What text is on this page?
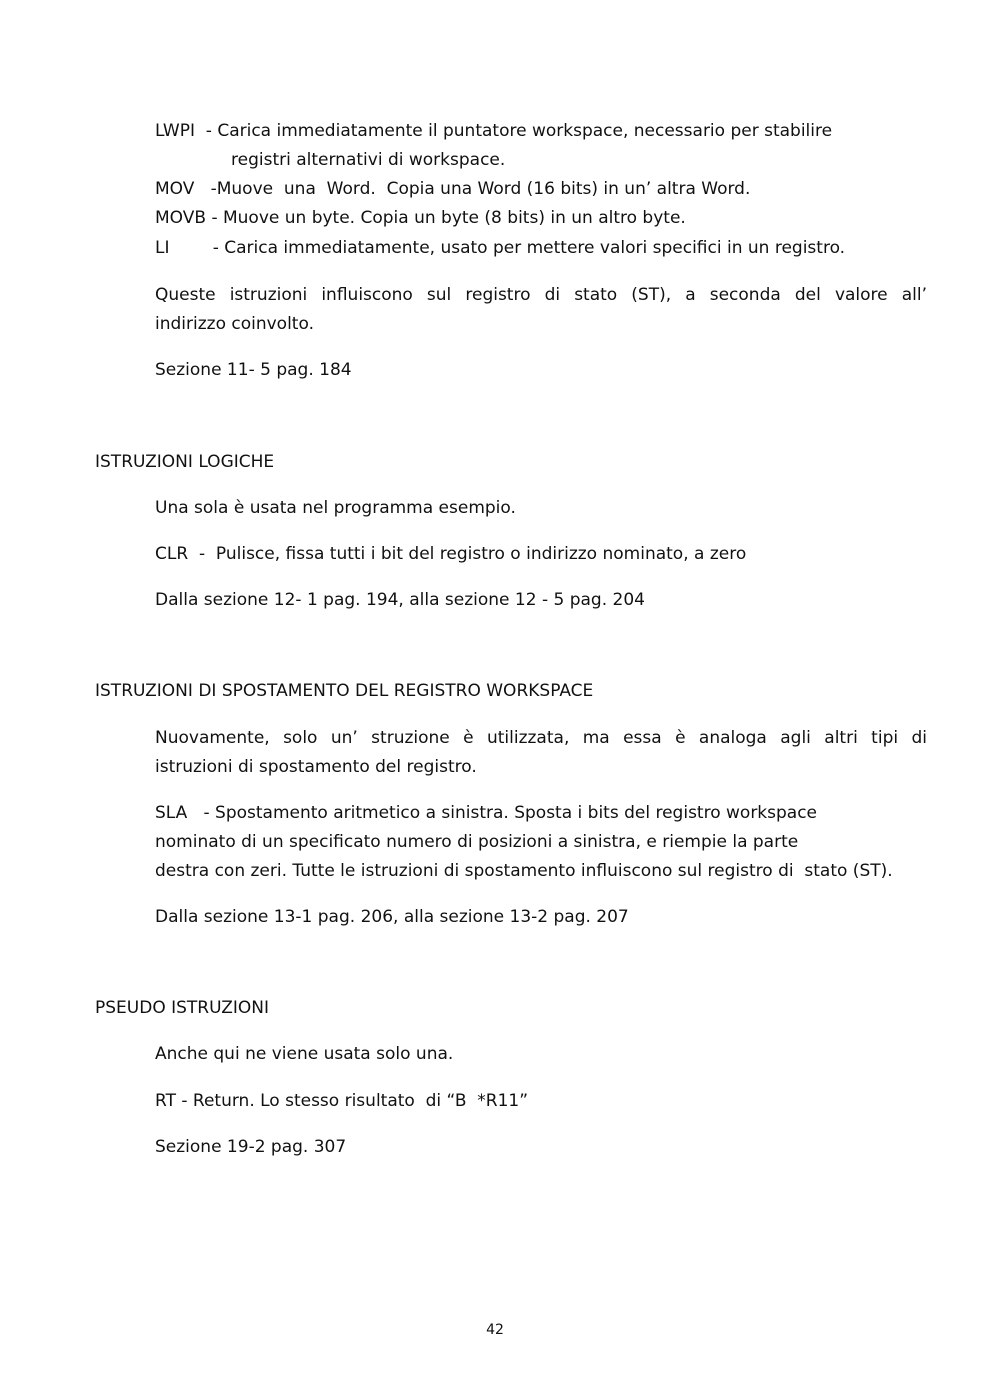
LWPI  - Carica immediatamente il puntatore workspace, necessario per stabilire
registri alternativi di workspace.
MOV   -Muove  una  Word.  Copia una Word (16 bits) in un’ altra Word.
MOVB - Muove un byte. Copia un byte (8 bits) in un altro byte.
LI        - Carica immediatamente, usato per mettere valori specifici in un registro.
Queste istruzioni influiscono sul registro di stato (ST), a seconda del valore all’
indirizzo coinvolto.
Sezione 11- 5 pag. 184
ISTRUZIONI LOGICHE
Una sola è usata nel programma esempio.
CLR  -  Pulisce, fissa tutti i bit del registro o indirizzo nominato, a zero
Dalla sezione 12- 1 pag. 194, alla sezione 12 - 5 pag. 204
ISTRUZIONI DI SPOSTAMENTO DEL REGISTRO WORKSPACE
Nuovamente, solo un’ struzione è utilizzata, ma essa è analoga agli altri tipi di
istruzioni di spostamento del registro.
SLA   - Spostamento aritmetico a sinistra. Sposta i bits del registro workspace
nominato di un specificato numero di posizioni a sinistra, e riempie la parte
destra con zeri. Tutte le istruzioni di spostamento influiscono sul registro di  stato (ST).
Dalla sezione 13-1 pag. 206, alla sezione 13-2 pag. 207
PSEUDO ISTRUZIONI
Anche qui ne viene usata solo una.
RT - Return. Lo stesso risultato  di “B  *R11”
Sezione 19-2 pag. 307
42
